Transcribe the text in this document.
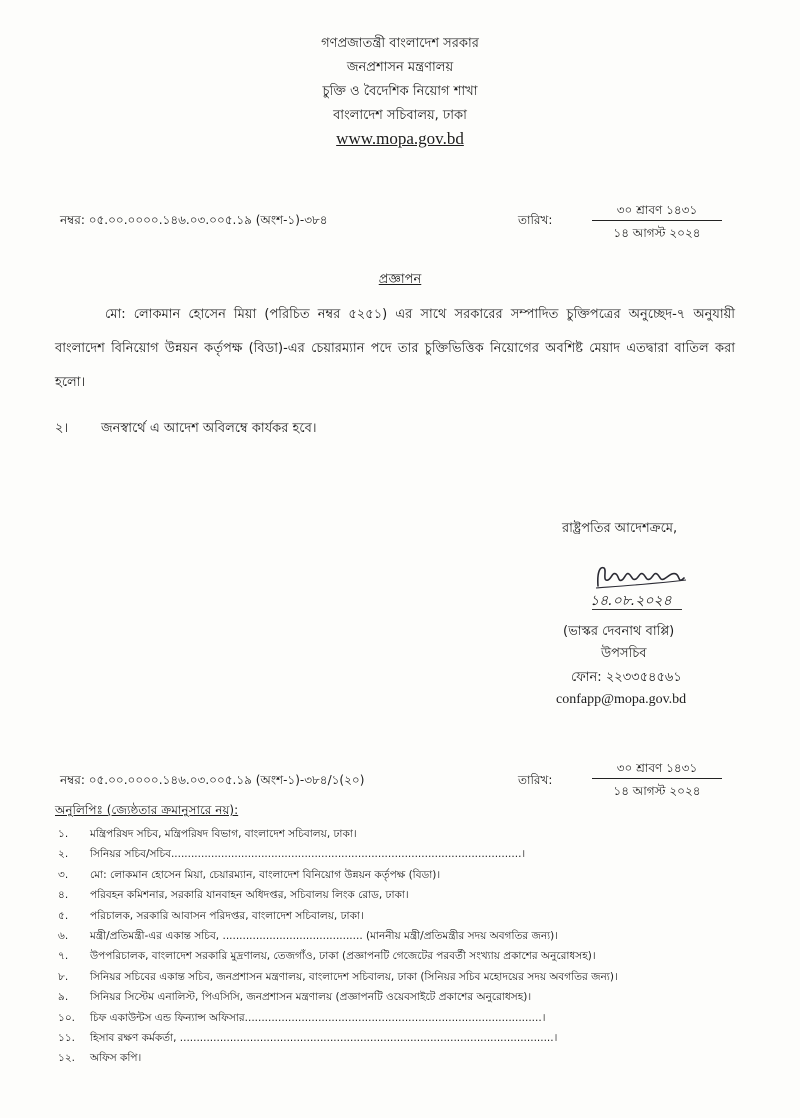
গণপ্রজাতন্ত্রী বাংলাদেশ সরকার
জনপ্রশাসন মন্ত্রণালয়
চুক্তি ও বৈদেশিক নিয়োগ শাখা
বাংলাদেশ সচিবালয়, ঢাকা
www.mopa.gov.bd
নম্বর: ০৫.০০.০০০০.১৪৬.০৩.০০৫.১৯ (অংশ-১)-৩৮৪	তারিখ:
৩০ শ্রাবণ ১৪৩১
১৪ আগস্ট ২০২৪
প্রজ্ঞাপন
মো: লোকমান হোসেন মিয়া (পরিচিত নম্বর ৫২৫১) এর সাথে সরকারের সম্পাদিত চুক্তিপত্রের অনুচ্ছেদ-৭ অনুযায়ী বাংলাদেশ বিনিয়োগ উন্নয়ন কর্তৃপক্ষ (বিডা)-এর চেয়ারম্যান পদে তার চুক্তিভিত্তিক নিয়োগের অবশিষ্ট মেয়াদ এতদ্বারা বাতিল করা হলো।
২।	জনস্বার্থে এ আদেশ অবিলম্বে কার্যকর হবে।
রাষ্ট্রপতির আদেশক্রমে,
১৪.০৮.২০২৪
(ভাস্কর দেবনাথ বাপ্পি)
উপসচিব
ফোন: ২২৩৩৫৪৫৬১
confapp@mopa.gov.bd
নম্বর: ০৫.০০.০০০০.১৪৬.০৩.০০৫.১৯ (অংশ-১)-৩৮৪/১(২০)	তারিখ:
৩০ শ্রাবণ ১৪৩১
১৪ আগস্ট ২০২৪
অনুলিপিঃ (জ্যেষ্ঠতার ক্রমানুসারে নয়):
১. মন্ত্রিপরিষদ সচিব, মন্ত্রিপরিষদ বিভাগ, বাংলাদেশ সচিবালয়, ঢাকা।
২. সিনিয়র সচিব/সচিব.........................................................................................................।
৩. মো: লোকমান হোসেন মিয়া, চেয়ারম্যান, বাংলাদেশ বিনিয়োগ উন্নয়ন কর্তৃপক্ষ (বিডা)।
৪. পরিবহন কমিশনার, সরকারি যানবাহন অধিদপ্তর, সচিবালয় লিংক রোড, ঢাকা।
৫. পরিচালক, সরকারি আবাসন পরিদপ্তর, বাংলাদেশ সচিবালয়, ঢাকা।
৬. মন্ত্রী/প্রতিমন্ত্রী-এর একান্ত সচিব, .......................................... (মাননীয় মন্ত্রী/প্রতিমন্ত্রীর সদয় অবগতির জন্য)।
৭. উপপরিচালক, বাংলাদেশ সরকারি মুদ্রণালয়, তেজগাঁও, ঢাকা (প্রজ্ঞাপনটি গেজেটের পরবর্তী সংখ্যায় প্রকাশের অনুরোধসহ)।
৮. সিনিয়র সচিবের একান্ত সচিব, জনপ্রশাসন মন্ত্রণালয়, বাংলাদেশ সচিবালয়, ঢাকা (সিনিয়র সচিব মহোদয়ের সদয় অবগতির জন্য)।
৯. সিনিয়র সিস্টেম এনালিস্ট, পিএসিসি, জনপ্রশাসন মন্ত্রণালয় (প্রজ্ঞাপনটি ওয়েবসাইটে প্রকাশের অনুরোধসহ)।
১০. চিফ একাউন্টস এন্ড ফিন্যান্স অফিসার.........................................................................................।
১১. হিসাব রক্ষণ কর্মকর্তা, ................................................................................................................।
১২. অফিস কপি।
